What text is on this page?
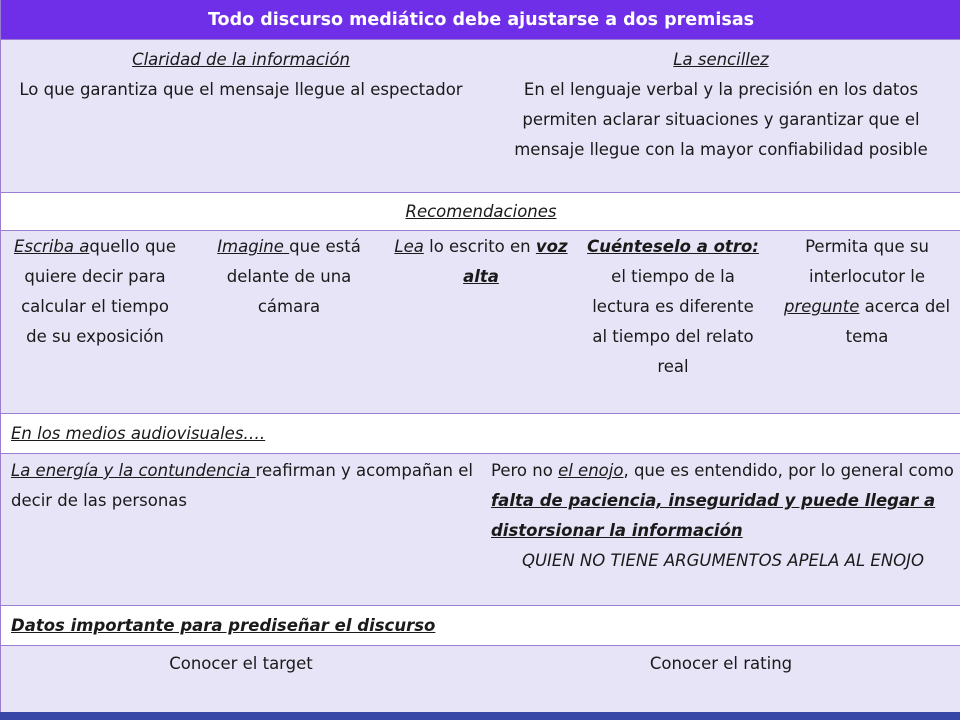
Todo discurso mediático debe ajustarse a dos premisas
Claridad de la información
Lo que garantiza que el mensaje llegue al espectador
La sencillez
En el lenguaje verbal y la precisión en los datos permiten aclarar situaciones y garantizar que el mensaje llegue con la mayor confiabilidad posible
Recomendaciones
Escriba aquello que quiere decir para calcular el tiempo de su exposición
Imagine que está delante de una cámara
Lea lo escrito en voz alta
Cuénteselo a otro: el tiempo de la lectura es diferente al tiempo del relato real
Permita que su interlocutor le pregunte acerca del tema
En los medios audiovisuales….
La energía y la contundencia reafirman y acompañan el decir de las personas
Pero no el enojo, que es entendido, por lo general como falta de paciencia, inseguridad y puede llegar a distorsionar la información
QUIEN NO TIENE ARGUMENTOS APELA AL ENOJO
Datos importante para prediseñar el discurso
Conocer el target	Conocer el rating
